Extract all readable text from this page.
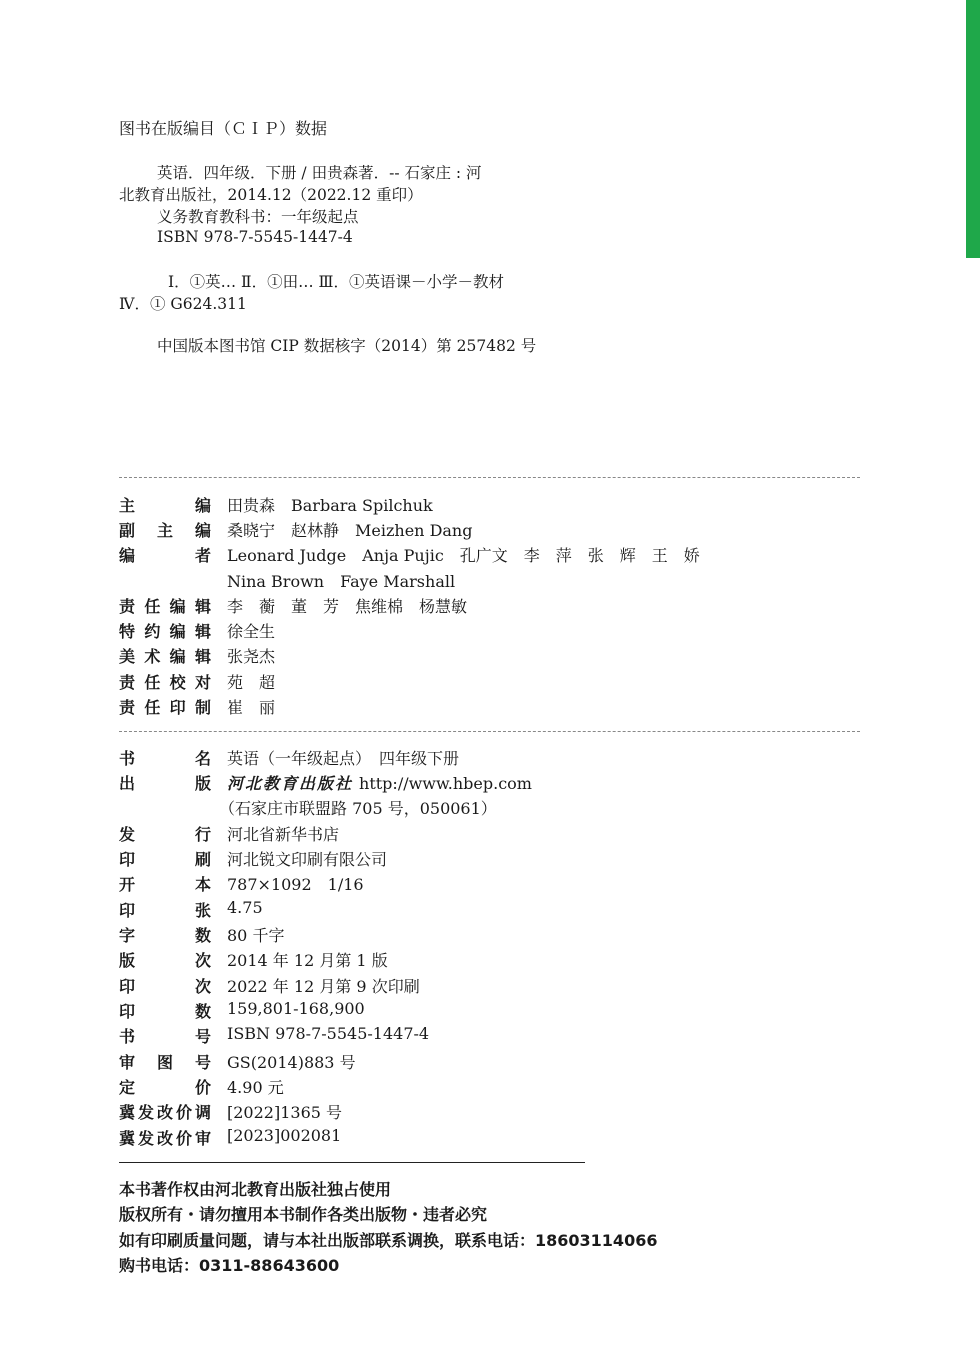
图书在版编目（ＣＩＰ）数据
英语．四年级．下册 / 田贵森著．-- 石家庄 : 河
北教育出版社，2014.12（2022.12 重印）
义务教育教科书：一年级起点
ISBN 978-7-5545-1447-4
Ⅰ．①英… Ⅱ．①田… Ⅲ．①英语课－小学－教材
Ⅳ．① G624.311
中国版本图书馆 CIP 数据核字（2014）第 257482 号
主	编 田贵森　Barbara Spilchuk
副 主 编 桑晓宁　赵林静　Meizhen Dang
编	者 Leonard Judge　Anja Pujic　孔广文　李　萍　张　辉　王　娇
Nina Brown　Faye Marshall
责 任 编 辑 李　蘅　董　芳　焦维棉　杨慧敏
特 约 编 辑 徐全生
美 术 编 辑 张尧杰
责 任 校 对 苑　超
责 任 印 制 崔　丽
书	名 英语（一年级起点）　四年级下册
出	版 河北教育出版社 http://www.hbep.com
（石家庄市联盟路 705 号，050061）
发	行 河北省新华书店
印	刷 河北锐文印刷有限公司
开	本 787×1092　1/16
印	张 4.75
字	数 80 千字
版	次 2014 年 12 月第 1 版
印	次 2022 年 12 月第 9 次印刷
印	数 159,801-168,900
书	号 ISBN 978-7-5545-1447-4
审 图 号 GS(2014)883 号
定	价 4.90 元
冀 发 改 价 调 [2022]1365 号
冀 发 改 价 审 [2023]002081
本书著作权由河北教育出版社独占使用
版权所有・请勿擅用本书制作各类出版物・违者必究
如有印刷质量问题，请与本社出版部联系调换，联系电话：18603114066
购书电话：0311-88643600
